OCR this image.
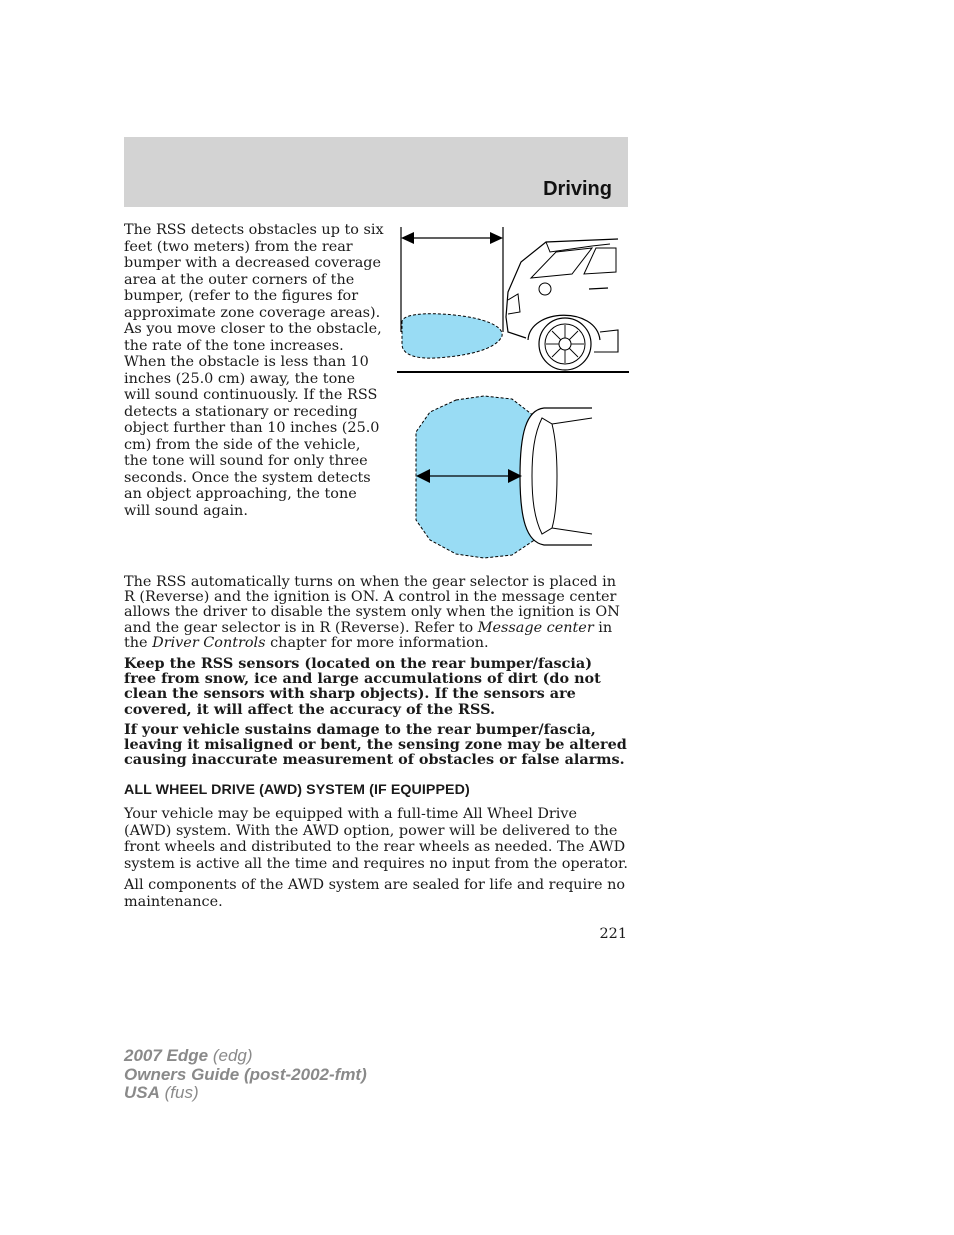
Driving

The RSS detects obstacles up to six feet (two meters) from the rear bumper with a decreased coverage area at the outer corners of the bumper, (refer to the figures for approximate zone coverage areas). As you move closer to the obstacle, the rate of the tone increases. When the obstacle is less than 10 inches (25.0 cm) away, the tone will sound continuously. If the RSS detects a stationary or receding object further than 10 inches (25.0 cm) from the side of the vehicle, the tone will sound for only three seconds. Once the system detects an object approaching, the tone will sound again.

The RSS automatically turns on when the gear selector is placed in R (Reverse) and the ignition is ON. A control in the message center allows the driver to disable the system only when the ignition is ON and the gear selector is in R (Reverse). Refer to Message center in the Driver Controls chapter for more information.

Keep the RSS sensors (located on the rear bumper/fascia) free from snow, ice and large accumulations of dirt (do not clean the sensors with sharp objects). If the sensors are covered, it will affect the accuracy of the RSS.

If your vehicle sustains damage to the rear bumper/fascia, leaving it misaligned or bent, the sensing zone may be altered causing inaccurate measurement of obstacles or false alarms.

ALL WHEEL DRIVE (AWD) SYSTEM (IF EQUIPPED)

Your vehicle may be equipped with a full-time All Wheel Drive (AWD) system. With the AWD option, power will be delivered to the front wheels and distributed to the rear wheels as needed. The AWD system is active all the time and requires no input from the operator.

All components of the AWD system are sealed for life and require no maintenance.

221

2007 Edge (edg)
Owners Guide (post-2002-fmt)
USA (fus)
